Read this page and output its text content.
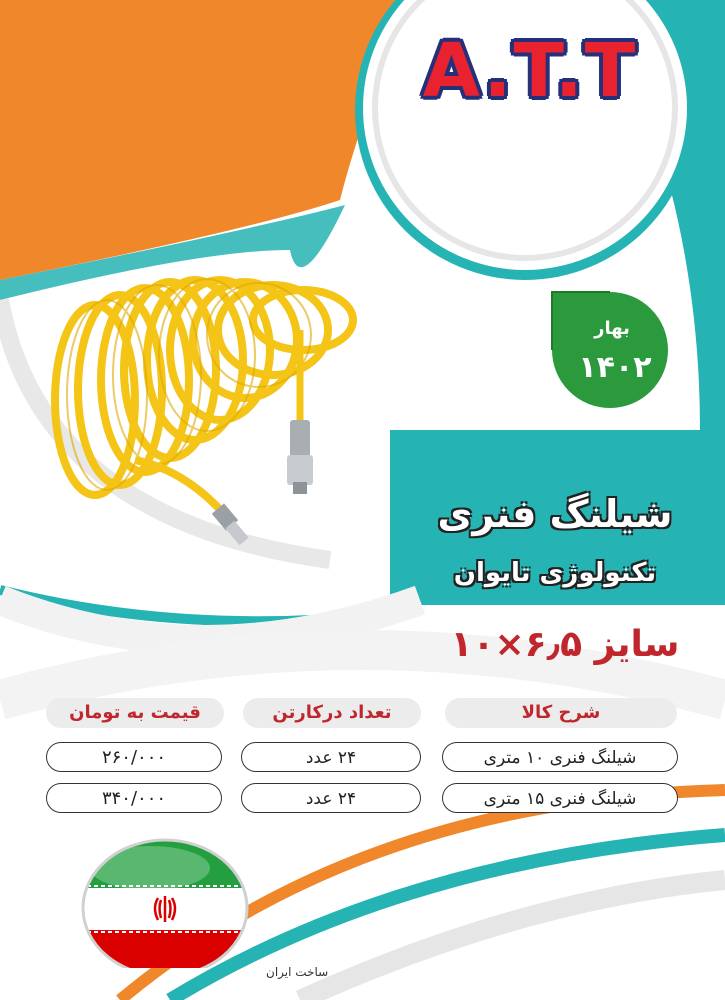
A.T.T
بهار
۱۴۰۲
شیلنگ فنری
تکنولوژی تایوان
سایز ۶٫۵×۱۰
شرح کالا
تعداد درکارتن
قیمت به تومان
شیلنگ فنری ۱۰ متری
۲۴ عدد
۲۶۰/۰۰۰
شیلنگ فنری ۱۵ متری
۲۴ عدد
۳۴۰/۰۰۰
ساخت ایران
